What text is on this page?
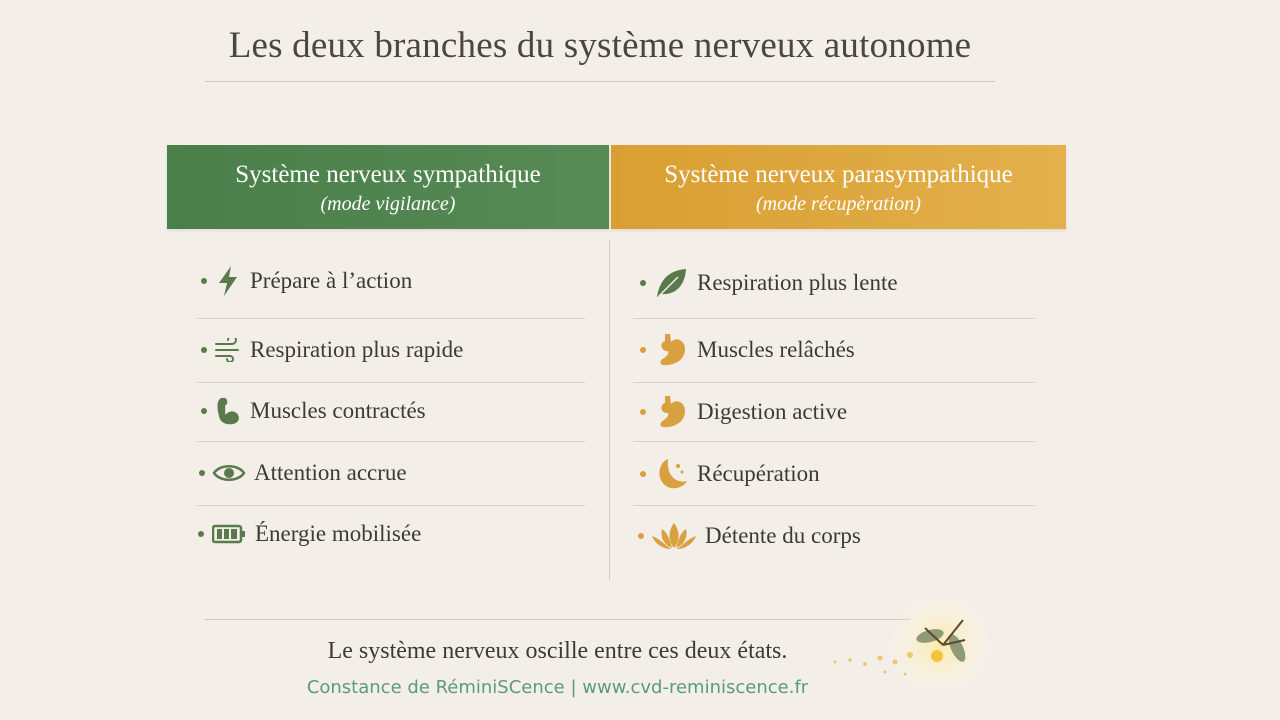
Les deux branches du système nerveux autonome
Système nerveux sympathique
(mode vigilance)
Système nerveux parasympathique
(mode récupèration)
Prépare à l’action
Respiration plus rapide
Muscles contractés
Attention accrue
Énergie mobilisée
Respiration plus lente
Muscles relâchés
Digestion active
Récupération
Détente du corps
Le système nerveux oscille entre ces deux états.
Constance de RéminiSCence | www.cvd-reminiscence.fr
